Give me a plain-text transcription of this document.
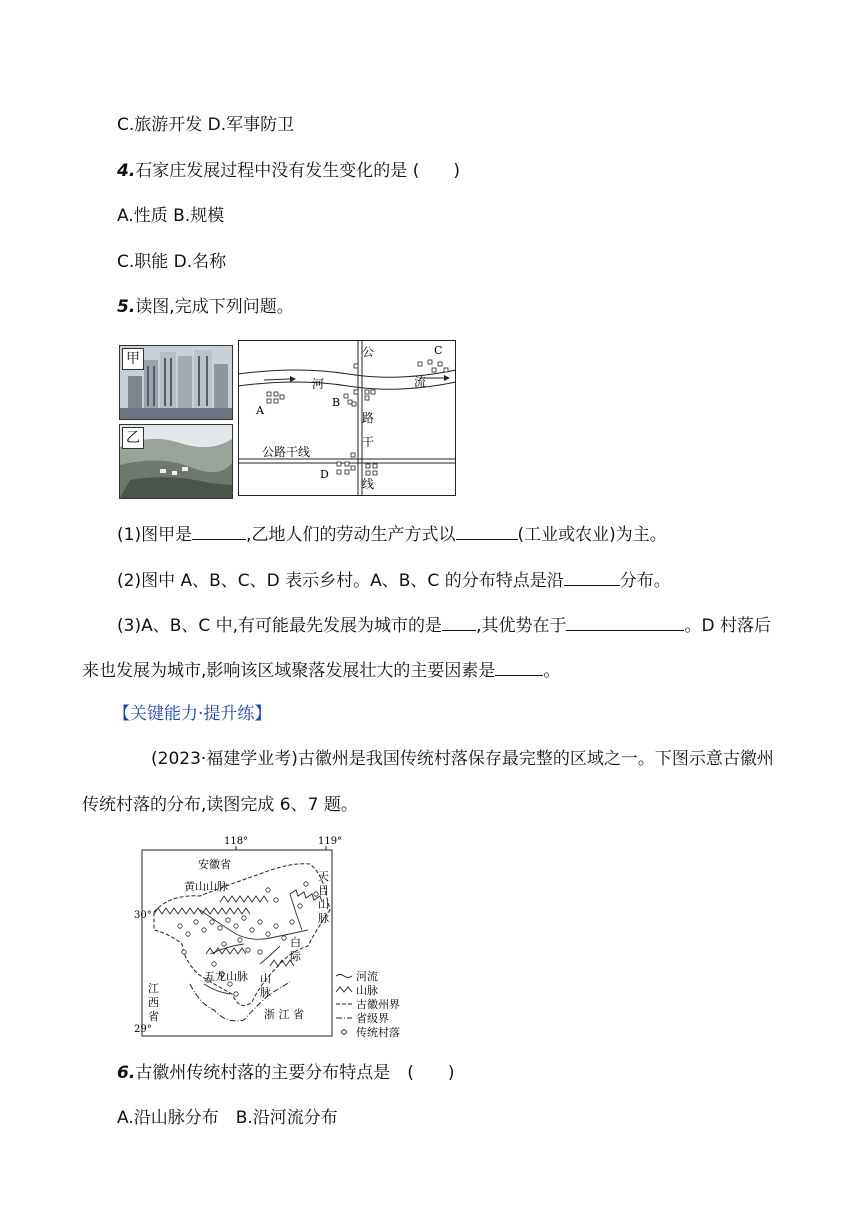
C.旅游开发 D.军事防卫
4.石家庄发展过程中没有发生变化的是 (　　)
A.性质 B.规模
C.职能 D.名称
5.读图,完成下列问题。
甲
乙
河	流
公
路
干
线
公路干线
A
B
C
D
(1)图甲是	,乙地人们的劳动生产方式以	(工业或农业)为主。
(2)图中 A、B、C、D 表示乡村。A、B、C 的分布特点是沿	分布。
(3)A、B、C 中,有可能最先发展为城市的是 ,其优势在于	。D 村落后
来也发展为城市,影响该区域聚落发展壮大的主要因素是	。
【关键能力·提升练】
(2023·福建学业考)古徽州是我国传统村落保存最完整的区域之一。下图示意古徽州
传统村落的分布,读图完成 6、7 题。
118°	119°
30°
29°
安徽省
黄山山脉
天
目
山
脉
白
际
五龙山脉 山
脉
江
西
省	浙 江 省
河流
山脉
古徽州界
省级界
传统村落
6.古徽州传统村落的主要分布特点是　(　　)
A.沿山脉分布　B.沿河流分布
